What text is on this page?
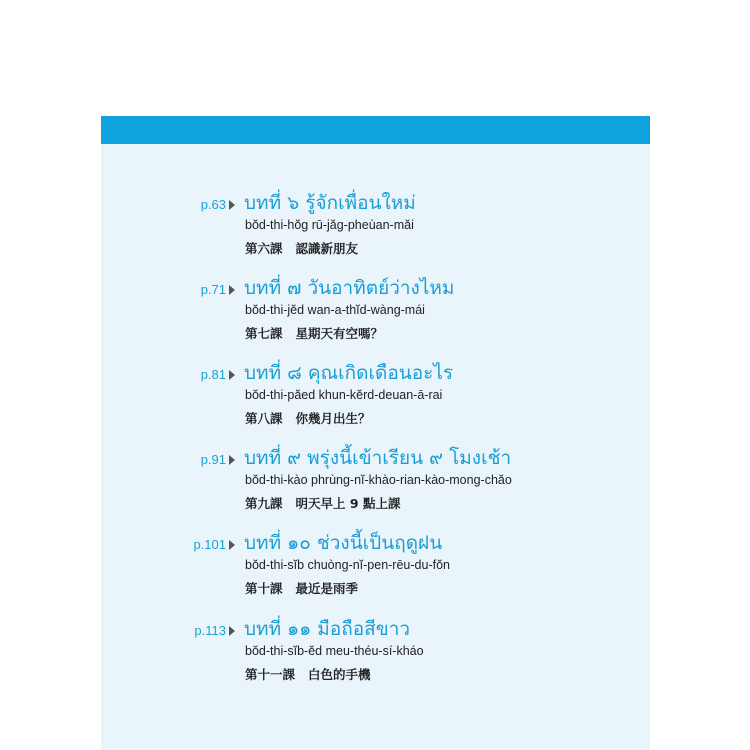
p.63 บทที่ ๖ รู้จักเพื่อนใหม่
bŏd-thi-hŏg rū-jăg-pheùan-măi
第六課   認識新朋友
p.71 บทที่ ๗ วันอาทิตย์ว่างไหม
bŏd-thi-jĕd wan-a-thĭd-wàng-mái
第七課   星期天有空嗎？
p.81 บทที่ ๘ คุณเกิดเดือนอะไร
bŏd-thi-păed khun-kĕrd-deuan-ā-rai
第八課   你幾月出生？
p.91 บทที่ ๙ พรุ่งนี้เข้าเรียน ๙ โมงเช้า
bŏd-thi-kào phrùng-nĭ-khào-rian-kào-mong-chăo
第九課   明天早上 9 點上課
p.101 บทที่ ๑๐ ช่วงนี้เป็นฤดูฝน
bŏd-thi-sĭb chuòng-nĭ-pen-rēu-du-fŏn
第十課   最近是雨季
p.113 บทที่ ๑๑ มือถือสีขาว
bŏd-thi-sĭb-ĕd meu-théu-sí-kháo
第十一課   白色的手機
